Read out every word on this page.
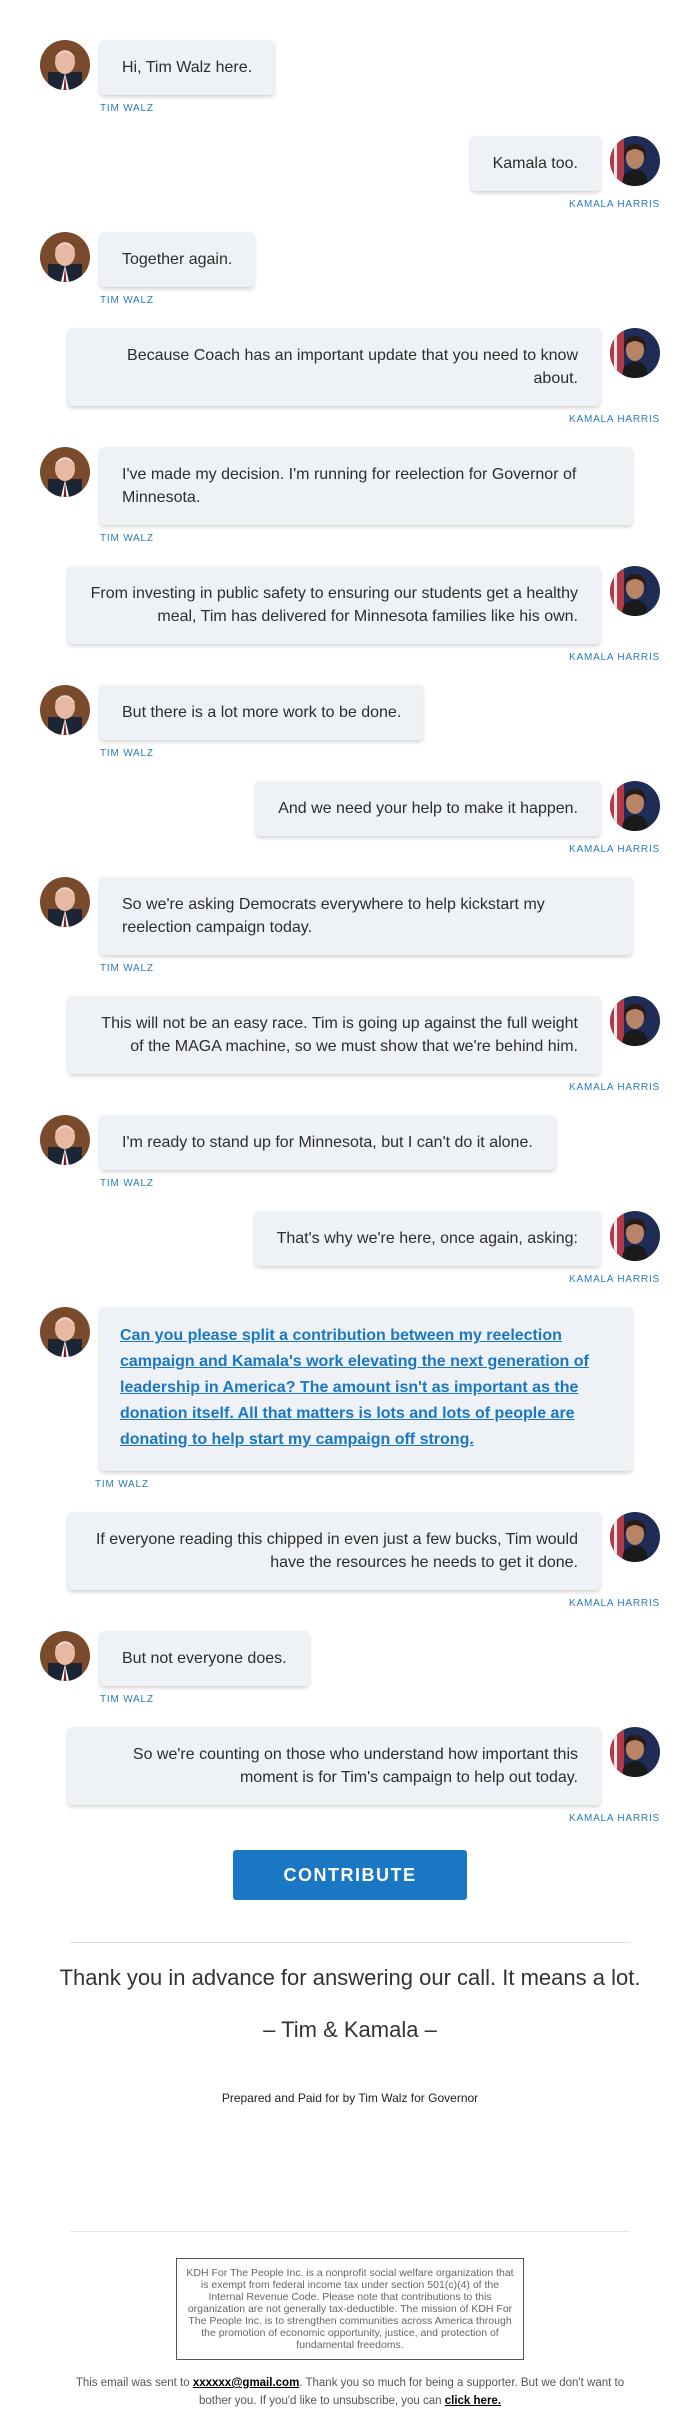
Hi, Tim Walz here.
TIM WALZ
Kamala too.
KAMALA HARRIS
Together again.
TIM WALZ
Because Coach has an important update that you need to know about.
KAMALA HARRIS
I've made my decision. I'm running for reelection for Governor of Minnesota.
TIM WALZ
From investing in public safety to ensuring our students get a healthy meal, Tim has delivered for Minnesota families like his own.
KAMALA HARRIS
But there is a lot more work to be done.
TIM WALZ
And we need your help to make it happen.
KAMALA HARRIS
So we're asking Democrats everywhere to help kickstart my reelection campaign today.
TIM WALZ
This will not be an easy race. Tim is going up against the full weight of the MAGA machine, so we must show that we're behind him.
KAMALA HARRIS
I'm ready to stand up for Minnesota, but I can't do it alone.
TIM WALZ
That's why we're here, once again, asking:
KAMALA HARRIS
Can you please split a contribution between my reelection campaign and Kamala's work elevating the next generation of leadership in America? The amount isn't as important as the donation itself. All that matters is lots and lots of people are donating to help start my campaign off strong.
TIM WALZ
If everyone reading this chipped in even just a few bucks, Tim would have the resources he needs to get it done.
KAMALA HARRIS
But not everyone does.
TIM WALZ
So we're counting on those who understand how important this moment is for Tim's campaign to help out today.
KAMALA HARRIS
CONTRIBUTE
Thank you in advance for answering our call. It means a lot.
– Tim & Kamala –
Prepared and Paid for by Tim Walz for Governor
KDH For The People Inc. is a nonprofit social welfare organization that is exempt from federal income tax under section 501(c)(4) of the Internal Revenue Code. Please note that contributions to this organization are not generally tax-deductible. The mission of KDH For The People Inc. is to strengthen communities across America through the promotion of economic opportunity, justice, and protection of fundamental freedoms.
This email was sent to xxxxxx@gmail.com. Thank you so much for being a supporter. But we don't want to bother you. If you'd like to unsubscribe, you can click here.
